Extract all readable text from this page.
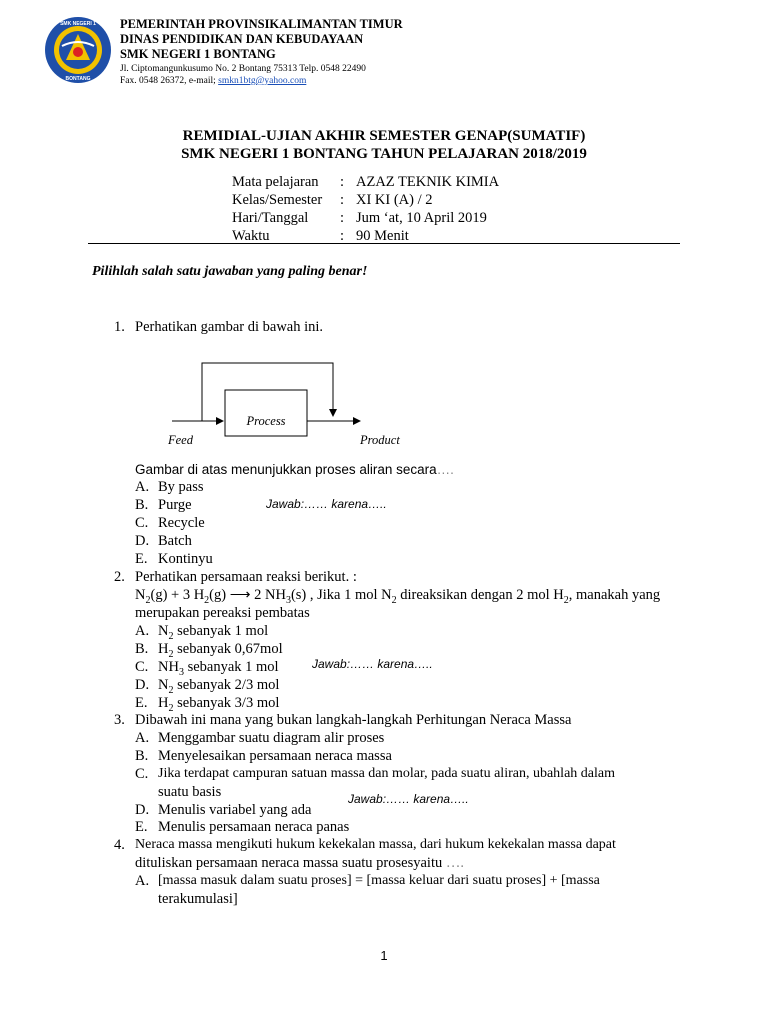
SMK NEGERI 1
BONTANG
PEMERINTAH PROVINSIKALIMANTAN TIMUR
DINAS PENDIDIKAN DAN KEBUDAYAAN
SMK NEGERI 1 BONTANG
Jl. Ciptomangunkusumo No. 2 Bontang 75313 Telp. 0548 22490
Fax. 0548 26372, e-mail; smkn1btg@yahoo.com
REMIDIAL-UJIAN AKHIR SEMESTER GENAP(SUMATIF)
SMK NEGERI 1 BONTANG TAHUN PELAJARAN 2018/2019
Mata pelajaran	: AZAZ TEKNIK KIMIA
Kelas/Semester	: XI KI (A) / 2
Hari/Tanggal	: Jum ‘at, 10 April 2019
Waktu	: 90 Menit
Pilihlah salah satu jawaban yang paling benar!
1. Perhatikan gambar di bawah ini.
Process
Feed	Product
Gambar di atas menunjukkan proses aliran secara….
A. By pass
B. Purge	Jawab:…… karena…..
C. Recycle
D. Batch
E. Kontinyu
2. Perhatikan persamaan reaksi berikut. :
$N_2(g) + 3$ $H_2(g)$ ⟶ 2 $NH_3(s)$ , Jika 1 mol $N_2$ direaksikan dengan 2 mol $H_2$, manakah yang
merupakan pereaksi pembatas
A. $N_2$ sebanyak 1 mol
B. $H_2$ sebanyak 0,67mol
C. $NH_3$ sebanyak 1 mol	Jawab:…… karena…..
D. $N_2$ sebanyak 2/3 mol
E. $H_2$ sebanyak 3/3 mol
3. Dibawah ini mana yang bukan langkah-langkah Perhitungan Neraca Massa
A. Menggambar suatu diagram alir proses
B. Menyelesaikan persamaan neraca massa
C. Jika terdapat campuran satuan massa dan molar, pada suatu aliran, ubahlah dalam
suatu basis
D. Menulis variabel yang ada
Jawab:…… karena…..
E. Menulis persamaan neraca panas
4. Neraca massa mengikuti hukum kekekalan massa, dari hukum kekekalan massa dapat
dituliskan persamaan neraca massa suatu prosesyaitu ….
A. [massa masuk dalam suatu proses] = [massa keluar dari suatu proses] + [massa
terakumulasi]
1
